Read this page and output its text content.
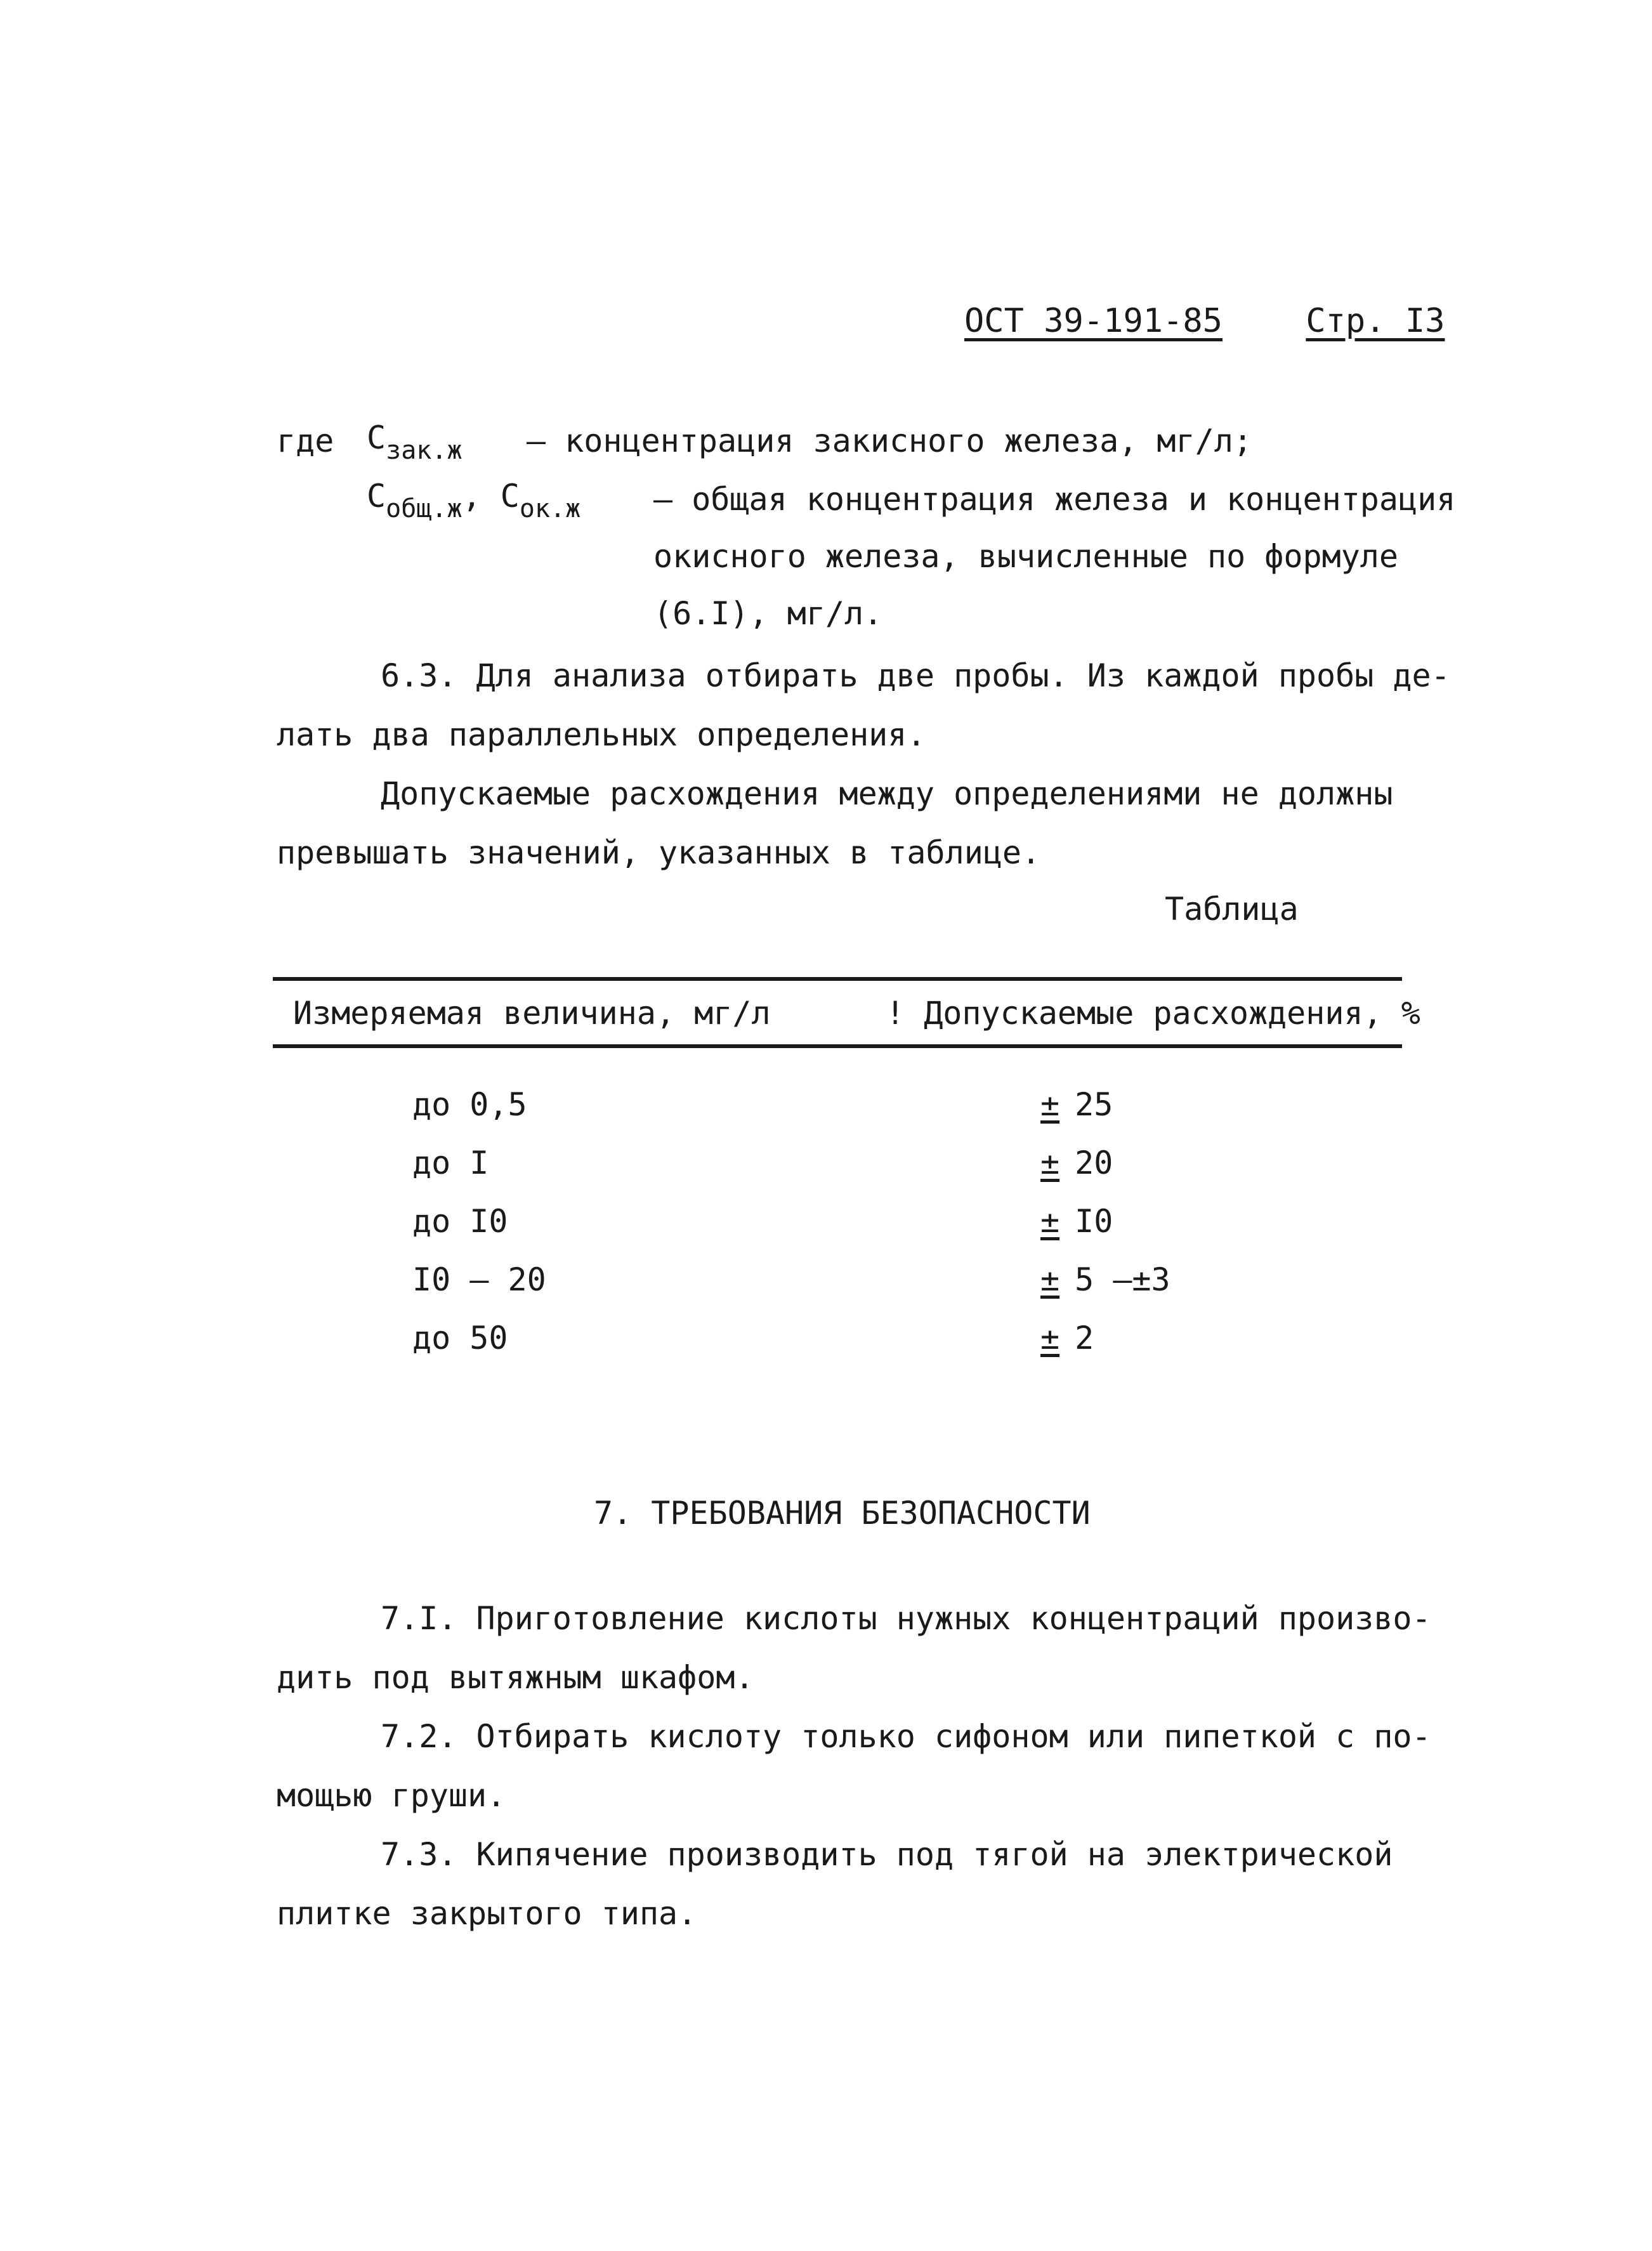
ОСТ 39-191-85	Стр. I3
где $С_{зак.ж}$ – концентрация закисного железа, мг/л;
$С_{общ.ж}$, $С_{ок.ж}$ – общая концентрация железа и концентрация
окисного железа, вычисленные по формуле
(6.I), мг/л.
6.3. Для анализа отбирать две пробы. Из каждой пробы де-
лать два параллельных определения.
Допускаемые расхождения между определениями не должны
превышать значений, указанных в таблице.
Таблица
Измеряемая величина, мг/л	! Допускаемые расхождения, %
до 0,5	± 25
до I	± 20
до I0	± I0
I0 – 20	± 5 –±3
до 50	± 2
7. ТРЕБОВАНИЯ БЕЗОПАСНОСТИ
7.I. Приготовление кислоты нужных концентраций произво-
дить под вытяжным шкафом.
7.2. Отбирать кислоту только сифоном или пипеткой с по-
мощью груши.
7.3. Кипячение производить под тягой на электрической
плитке закрытого типа.
